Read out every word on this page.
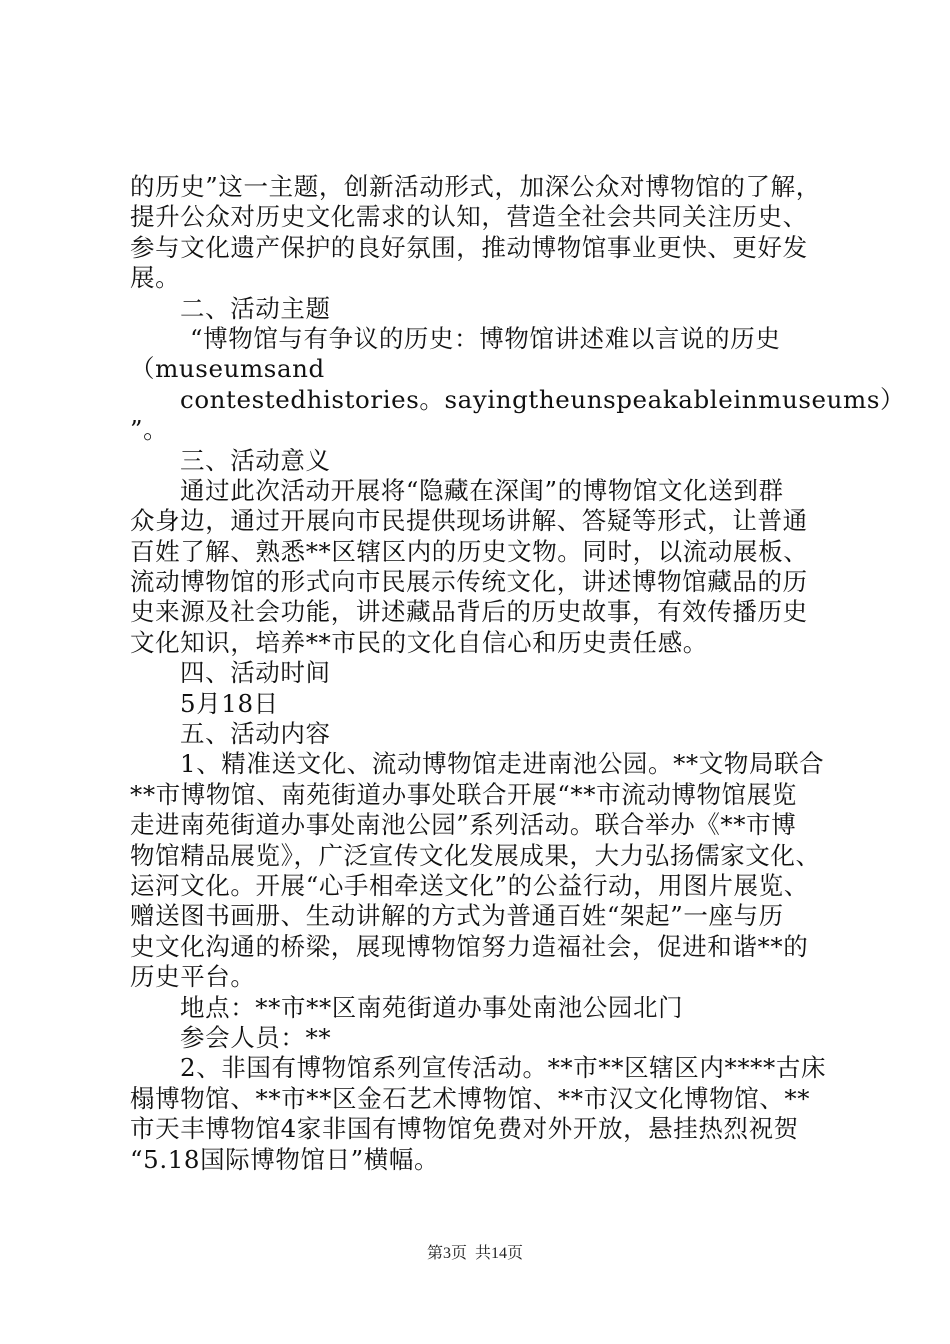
的历史”这一主题，创新活动形式，加深公众对博物馆的了解，
提升公众对历史文化需求的认知，营造全社会共同关注历史、
参与文化遗产保护的良好氛围，推动博物馆事业更快、更好发
展。
二、活动主题
“博物馆与有争议的历史：博物馆讲述难以言说的历史
（museumsand
contestedhistories。sayingtheunspeakableinmuseums）
”。
三、活动意义
通过此次活动开展将“隐藏在深闺”的博物馆文化送到群
众身边，通过开展向市民提供现场讲解、答疑等形式，让普通
百姓了解、熟悉**区辖区内的历史文物。同时，以流动展板、
流动博物馆的形式向市民展示传统文化，讲述博物馆藏品的历
史来源及社会功能，讲述藏品背后的历史故事，有效传播历史
文化知识，培养**市民的文化自信心和历史责任感。
四、活动时间
5月18日
五、活动内容
1、精准送文化、流动博物馆走进南池公园。**文物局联合
**市博物馆、南苑街道办事处联合开展“**市流动博物馆展览
走进南苑街道办事处南池公园”系列活动。联合举办《**市博
物馆精品展览》，广泛宣传文化发展成果，大力弘扬儒家文化、
运河文化。开展“心手相牵送文化”的公益行动，用图片展览、
赠送图书画册、生动讲解的方式为普通百姓“架起”一座与历
史文化沟通的桥梁，展现博物馆努力造福社会，促进和谐**的
历史平台。
地点：**市**区南苑街道办事处南池公园北门
参会人员：**
2、非国有博物馆系列宣传活动。**市**区辖区内****古床
榻博物馆、**市**区金石艺术博物馆、**市汉文化博物馆、**
市天丰博物馆4家非国有博物馆免费对外开放，悬挂热烈祝贺
“5.18国际博物馆日”横幅。
第3页  共14页
